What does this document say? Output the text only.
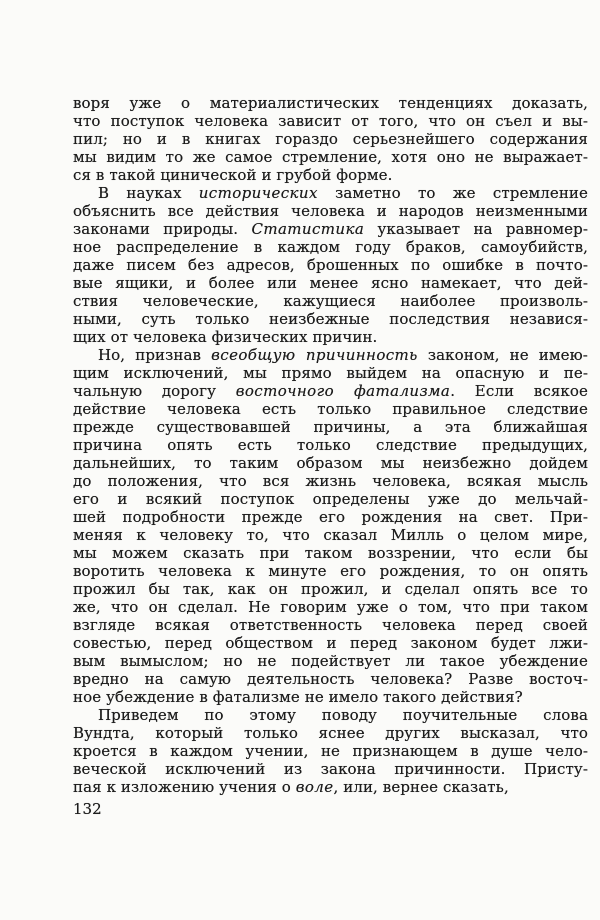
воря уже о материалистических тенденциях доказать,
что поступок человека зависит от того, что он съел и вы-
пил; но и в книгах гораздо серьезнейшего содержания
мы видим то же самое стремление, хотя оно не выражает-
ся в такой цинической и грубой форме.
В науках исторических заметно то же стремление
объяснить все действия человека и народов неизменными
законами природы. Статистика указывает на равномер-
ное распределение в каждом году браков, самоубийств,
даже писем без адресов, брошенных по ошибке в почто-
вые ящики, и более или менее ясно намекает, что дей-
ствия человеческие, кажущиеся наиболее произволь-
ными, суть только неизбежные последствия независя-
щих от человека физических причин.
Но, признав всеобщую причинность законом, не имею-
щим исключений, мы прямо выйдем на опасную и пе-
чальную дорогу восточного фатализма. Если всякое
действие человека есть только правильное следствие
прежде существовавшей причины, а эта ближайшая
причина опять есть только следствие предыдущих,
дальнейших, то таким образом мы неизбежно дойдем
до положения, что вся жизнь человека, всякая мысль
его и всякий поступок определены уже до мельчай-
шей подробности прежде его рождения на свет. При-
меняя к человеку то, что сказал Милль о целом мире,
мы можем сказать при таком воззрении, что если бы
воротить человека к минуте его рождения, то он опять
прожил бы так, как он прожил, и сделал опять все то
же, что он сделал. Не говорим уже о том, что при таком
взгляде всякая ответственность человека перед своей
совестью, перед обществом и перед законом будет лжи-
вым вымыслом; но не подействует ли такое убеждение
вредно на самую деятельность человека? Разве восточ-
ное убеждение в фатализме не имело такого действия?
Приведем по этому поводу поучительные слова
Вундта, который только яснее других высказал, что
кроется в каждом учении, не признающем в душе чело-
веческой исключений из закона причинности. Присту-
пая к изложению учения о воле, или, вернее сказать,
132
